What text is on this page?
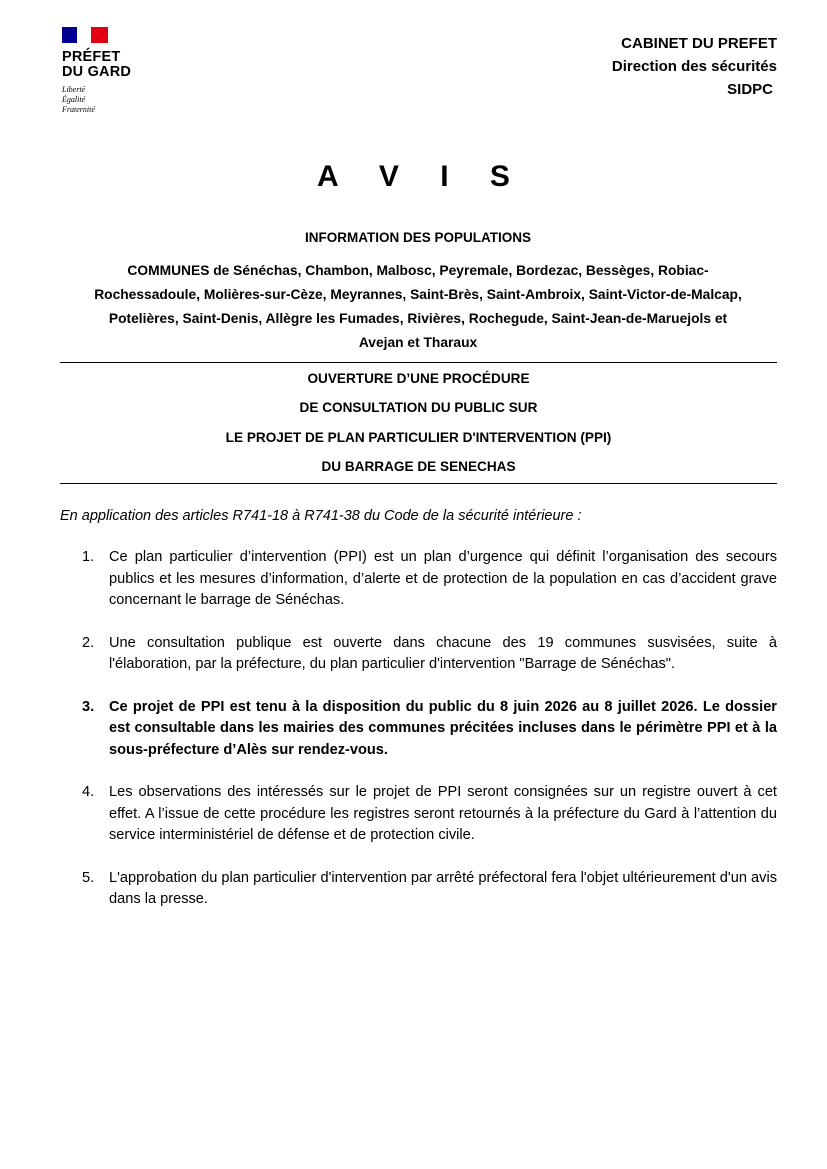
PRÉFET
DU GARD
Liberté
Égalité
Fraternité
CABINET DU PREFET
Direction des sécurités
SIDPC
A V I S
INFORMATION DES POPULATIONS
COMMUNES de Sénéchas, Chambon, Malbosc, Peyremale, Bordezac, Bessèges, Robiac-Rochessadoule, Molières-sur-Cèze, Meyrannes, Saint-Brès, Saint-Ambroix, Saint-Victor-de-Malcap, Potelières, Saint-Denis, Allègre les Fumades, Rivières, Rochegude, Saint-Jean-de-Maruejols et Avejan et Tharaux
OUVERTURE D’UNE PROCÉDURE
DE CONSULTATION DU PUBLIC SUR
LE PROJET DE PLAN PARTICULIER D'INTERVENTION (PPI)
DU BARRAGE DE SENECHAS
En application des articles R741-18 à R741-38 du Code de la sécurité intérieure :
1. Ce plan particulier d’intervention (PPI) est un plan d’urgence qui définit l’organisation des secours publics et les mesures d’information, d’alerte et de protection de la population en cas d’accident grave concernant le barrage de Sénéchas.
2. Une consultation publique est ouverte dans chacune des 19 communes susvisées, suite à l'élaboration, par la préfecture, du plan particulier d'intervention "Barrage de Sénéchas".
3. Ce projet de PPI est tenu à la disposition du public du 8 juin 2026 au 8 juillet 2026. Le dossier est consultable dans les mairies des communes précitées incluses dans le périmètre PPI et à la sous-préfecture d’Alès sur rendez-vous.
4. Les observations des intéressés sur le projet de PPI seront consignées sur un registre ouvert à cet effet. A l’issue de cette procédure les registres seront retournés à la préfecture du Gard à l’attention du service interministériel de défense et de protection civile.
5. L'approbation du plan particulier d'intervention par arrêté préfectoral fera l'objet ultérieurement d'un avis dans la presse.
